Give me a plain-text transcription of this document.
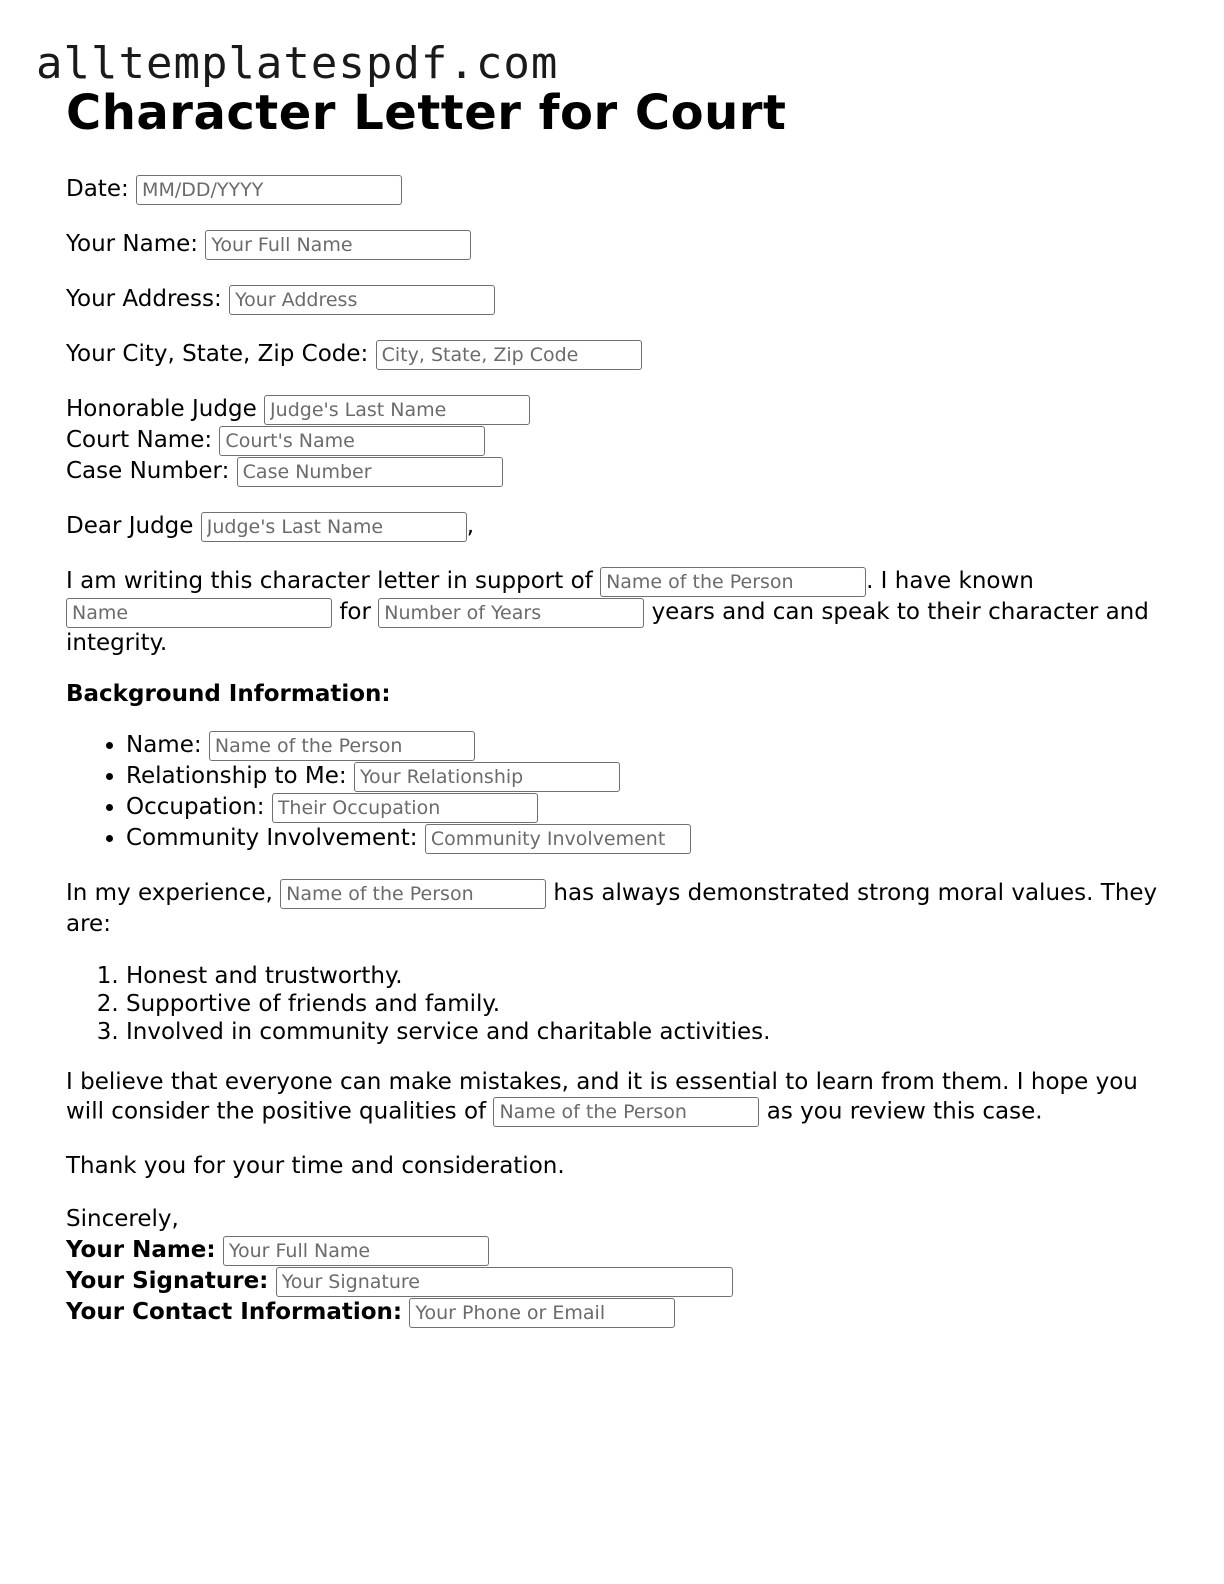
alltemplatespdf.com
Character Letter for Court

Date: MM/DD/YYYY

Your Name: Your Full Name

Your Address: Your Address

Your City, State, Zip Code: City, State, Zip Code

Honorable Judge Judge's Last Name

Court Name: Court's Name

Case Number: Case Number

Dear Judge Judge's Last Name	,

I am writing this character letter in support of Name of the Person	. I have known Name for Number of Years	years and can speak to their character and integrity.

Background Information:

• Name: Name of the Person
• Relationship to Me: Your Relationship
• Occupation: Their Occupation
• Community Involvement: Community Involvement

In my experience, Name of the Person	has always demonstrated strong moral values. They are:

1. Honest and trustworthy.
2. Supportive of friends and family.
3. Involved in community service and charitable activities.

I believe that everyone can make mistakes, and it is essential to learn from them. I hope you will consider the positive qualities of Name of the Person	as you review this case.

Thank you for your time and consideration.

Sincerely,

Your Name: Your Full Name

Your Signature: Your Signature

Your Contact Information: Your Phone or Email
